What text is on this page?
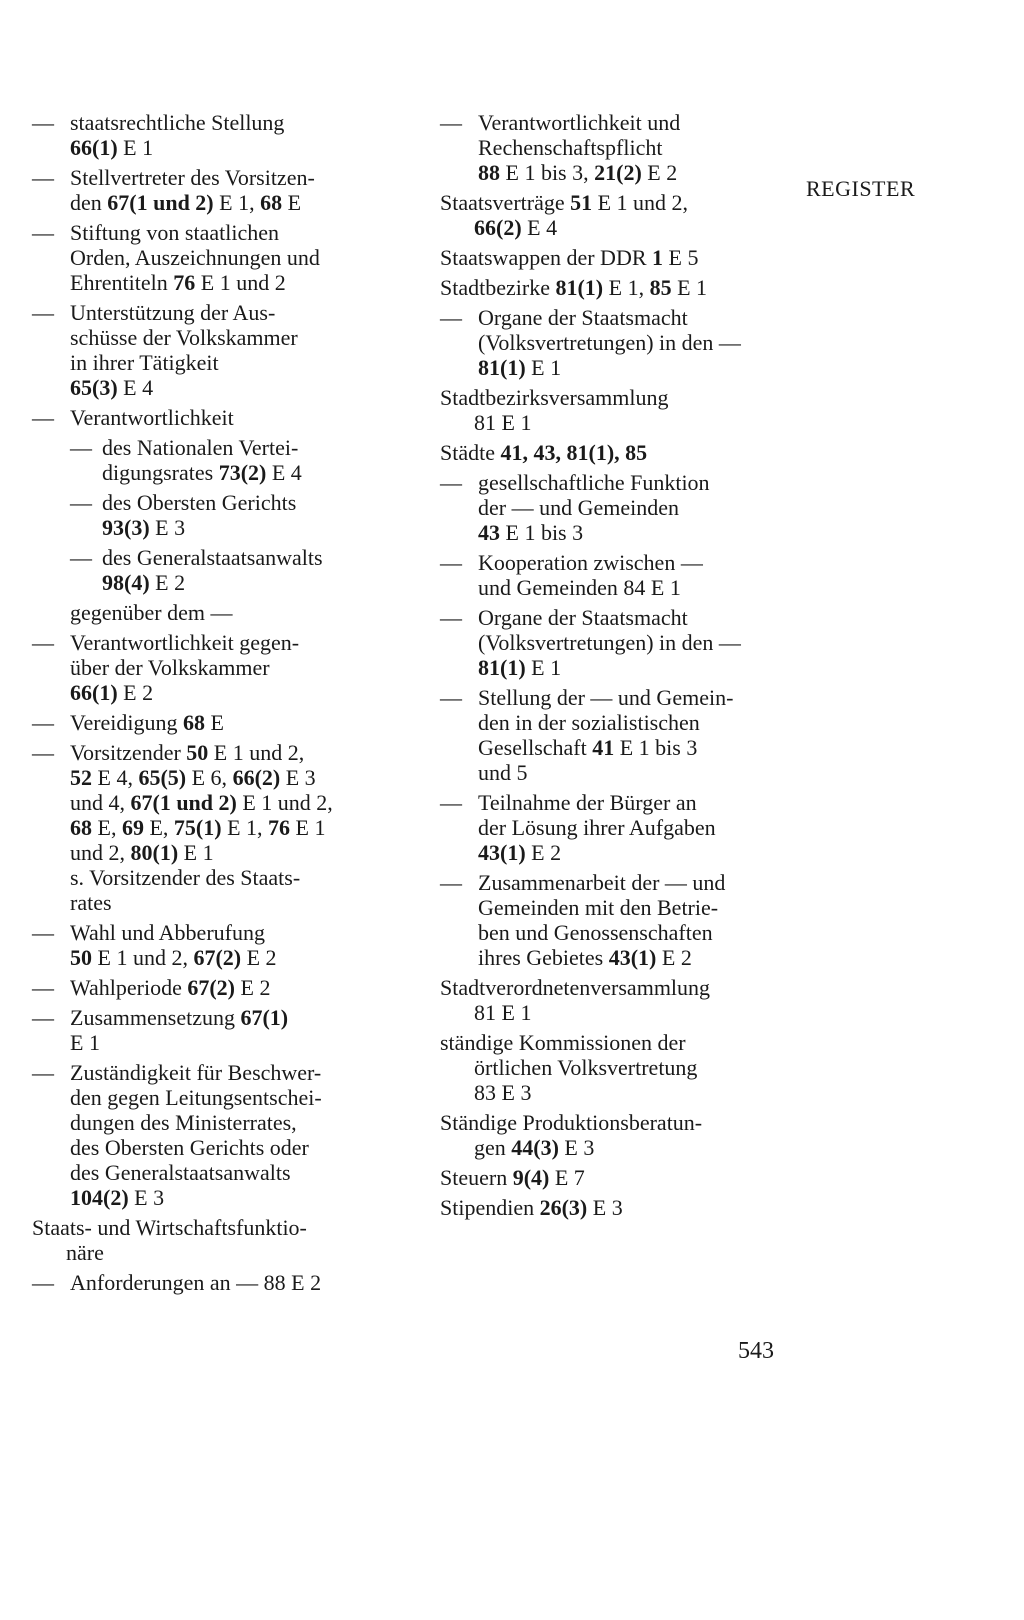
REGISTER
— staatsrechtliche Stellung
66(1) E 1
— Stellvertreter des Vorsitzen-
den 67(1 und 2) E 1, 68 E
— Stiftung von staatlichen
Orden, Auszeichnungen und
Ehrentiteln 76 E 1 und 2
— Unterstützung der Aus-
schüsse der Volkskammer
in ihrer Tätigkeit
65(3) E 4
— Verantwortlichkeit
— des Nationalen Vertei-
digungsrates 73(2) E 4
— des Obersten Gerichts
93(3) E 3
— des Generalstaatsanwalts
98(4) E 2
gegenüber dem —
— Verantwortlichkeit gegen-
über der Volkskammer
66(1) E 2
— Vereidigung 68 E
— Vorsitzender 50 E 1 und 2,
52 E 4, 65(5) E 6, 66(2) E 3
und 4, 67(1 und 2) E 1 und 2,
68 E, 69 E, 75(1) E 1, 76 E 1
und 2, 80(1) E 1
s. Vorsitzender des Staats-
rates
— Wahl und Abberufung
50 E 1 und 2, 67(2) E 2
— Wahlperiode 67(2) E 2
— Zusammensetzung 67(1)
E 1
— Zuständigkeit für Beschwer-
den gegen Leitungsentschei-
dungen des Ministerrates,
des Obersten Gerichts oder
des Generalstaatsanwalts
104(2) E 3
Staats- und Wirtschaftsfunktio-
näre
— Anforderungen an — 88 E 2
— Verantwortlichkeit und
Rechenschaftspflicht
88 E 1 bis 3, 21(2) E 2
Staatsverträge 51 E 1 und 2,
66(2) E 4
Staatswappen der DDR 1 E 5
Stadtbezirke 81(1) E 1, 85 E 1
— Organe der Staatsmacht
(Volksvertretungen) in den —
81(1) E 1
Stadtbezirksversammlung
81 E 1
Städte 41, 43, 81(1), 85
— gesellschaftliche Funktion
der — und Gemeinden
43 E 1 bis 3
— Kooperation zwischen —
und Gemeinden 84 E 1
— Organe der Staatsmacht
(Volksvertretungen) in den —
81(1) E 1
— Stellung der — und Gemein-
den in der sozialistischen
Gesellschaft 41 E 1 bis 3
und 5
— Teilnahme der Bürger an
der Lösung ihrer Aufgaben
43(1) E 2
— Zusammenarbeit der — und
Gemeinden mit den Betrie-
ben und Genossenschaften
ihres Gebietes 43(1) E 2
Stadtverordnetenversammlung
81 E 1
ständige Kommissionen der
örtlichen Volksvertretung
83 E 3
Ständige Produktionsberatun-
gen 44(3) E 3
Steuern 9(4) E 7
Stipendien 26(3) E 3
543
